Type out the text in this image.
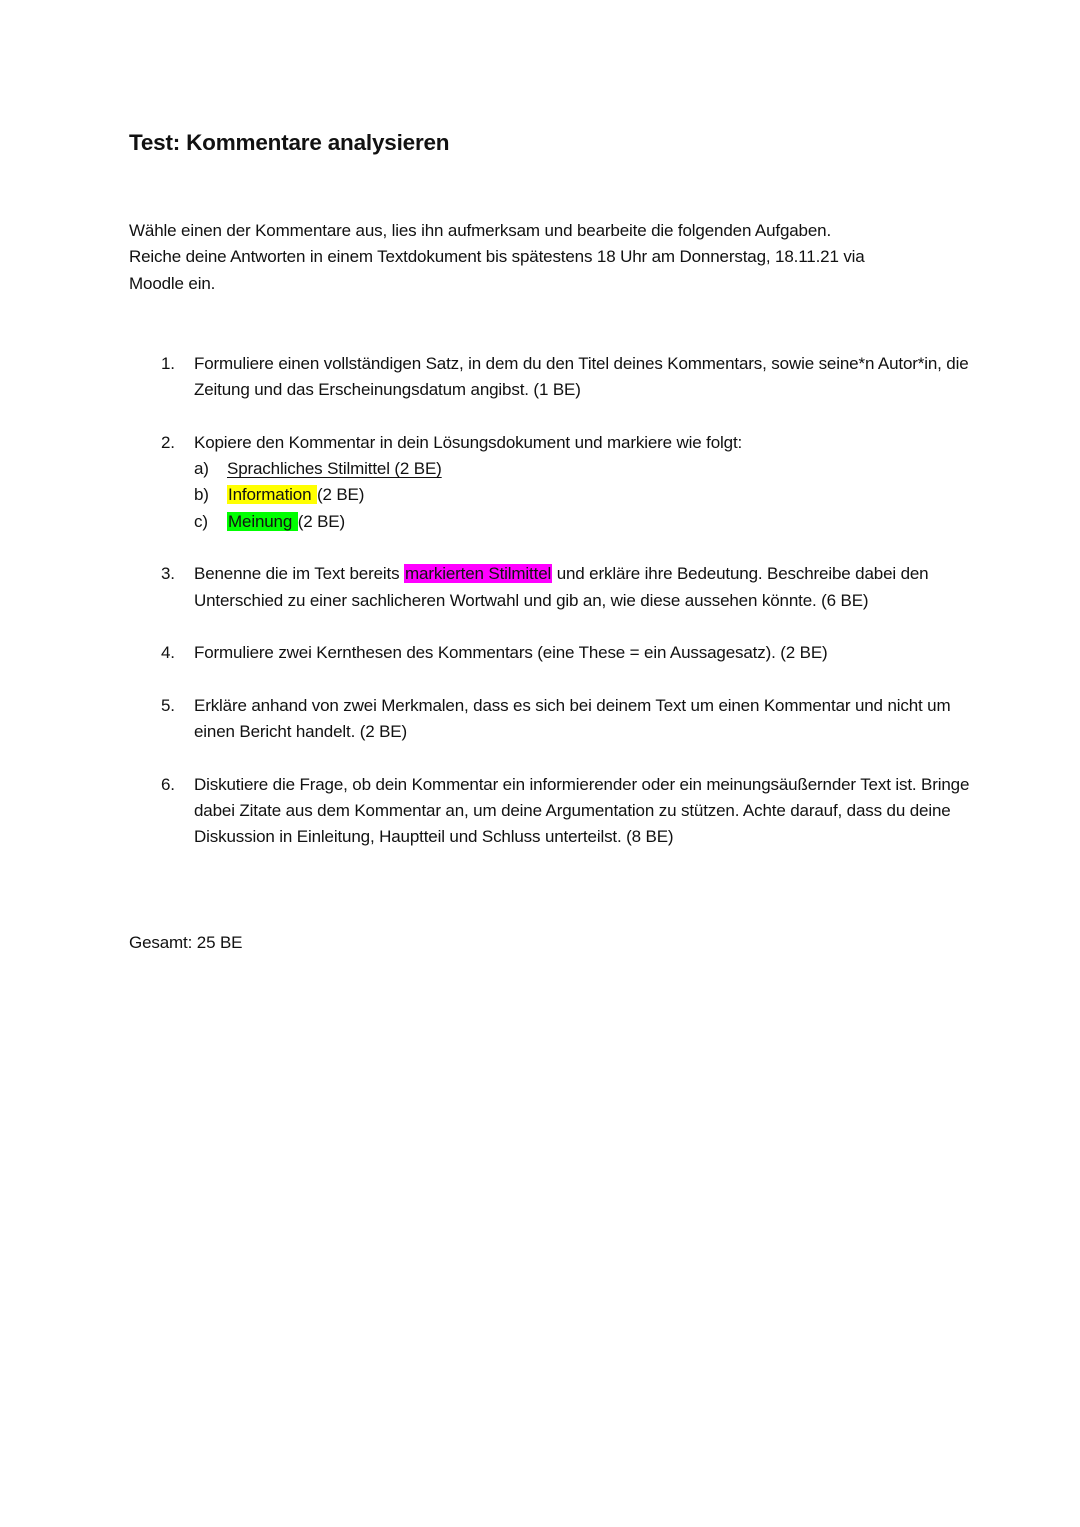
Test: Kommentare analysieren
Wähle einen der Kommentare aus, lies ihn aufmerksam und bearbeite die folgenden Aufgaben.
Reiche deine Antworten in einem Textdokument bis spätestens 18 Uhr am Donnerstag, 18.11.21 via
Moodle ein.
1. Formuliere einen vollständigen Satz, in dem du den Titel deines Kommentars, sowie seine*n Autor*in, die Zeitung und das Erscheinungsdatum angibst. (1 BE)
2. Kopiere den Kommentar in dein Lösungsdokument und markiere wie folgt:
a) Sprachliches Stilmittel (2 BE)
b) Information (2 BE)
c) Meinung (2 BE)
3. Benenne die im Text bereits markierten Stilmittel und erkläre ihre Bedeutung. Beschreibe dabei den Unterschied zu einer sachlicheren Wortwahl und gib an, wie diese aussehen könnte. (6 BE)
4. Formuliere zwei Kernthesen des Kommentars (eine These = ein Aussagesatz). (2 BE)
5. Erkläre anhand von zwei Merkmalen, dass es sich bei deinem Text um einen Kommentar und nicht um einen Bericht handelt. (2 BE)
6. Diskutiere die Frage, ob dein Kommentar ein informierender oder ein meinungsäußernder Text ist. Bringe dabei Zitate aus dem Kommentar an, um deine Argumentation zu stützen. Achte darauf, dass du deine Diskussion in Einleitung, Hauptteil und Schluss unterteilst. (8 BE)
Gesamt: 25 BE
